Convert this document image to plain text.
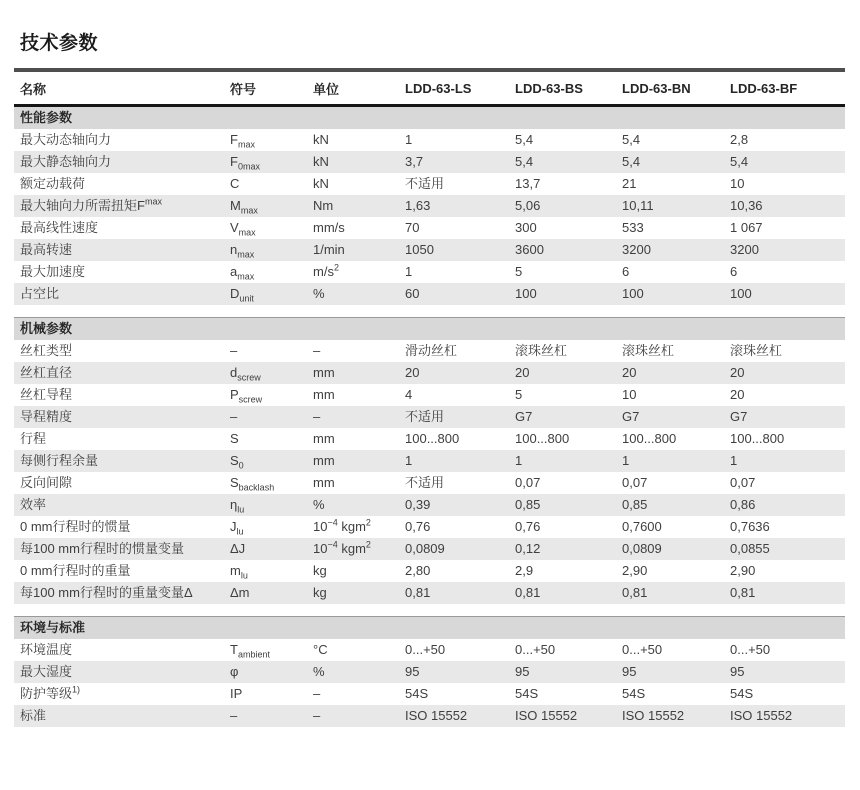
技术参数
名称	符号	单位	LDD-63-LS	LDD-63-BS	LDD-63-BN	LDD-63-BF
性能参数						
最大动态轴向力	$F_{max}$	kN	1	5,4	5,4	2,8
最大静态轴向力	$F_{0max}$	kN	3,7	5,4	5,4	5,4
额定动载荷	C	kN	不适用	13,7	21	10
最大轴向力所需扭矩$F^{max}$	$M_{max}$	Nm	1,63	5,06	10,11	10,36
最高线性速度	$V_{max}$	mm/s	70	300	533	1 067
最高转速	$n_{max}$	1/min	1050	3600	3200	3200
最大加速度	$a_{max}$	$m/s^2$	1	5	6	6
占空比	$D_{unit}$	%	60	100	100	100

机械参数						
丝杠类型	–	–	滑动丝杠	滚珠丝杠	滚珠丝杠	滚珠丝杠
丝杠直径	$d_{screw}$	mm	20	20	20	20
丝杠导程	$P_{screw}$	mm	4	5	10	20
导程精度	–	–	不适用	G7	G7	G7
行程	S	mm	100...800	100...800	100...800	100...800
每侧行程余量	$S_0$	mm	1	1	1	1
反向间隙	$S_{backlash}$	mm	不适用	0,07	0,07	0,07
效率	$\eta_{lu}$	%	0,39	0,85	0,85	0,86
0 mm行程时的惯量	$J_{lu}$	$10^{-4}$ kgm$^2$	0,76	0,76	0,7600	0,7636
每100 mm行程时的惯量变量	ΔJ	$10^{-4}$ kgm$^2$	0,0809	0,12	0,0809	0,0855
0 mm行程时的重量	$m_{lu}$	kg	2,80	2,9	2,90	2,90
每100 mm行程时的重量变量Δ	Δm	kg	0,81	0,81	0,81	0,81

环境与标准						
环境温度	$T_{ambient}$	°C	0...+50	0...+50	0...+50	0...+50
最大湿度	φ	%	95	95	95	95
防护等级$^{1)}$	IP	–	54S	54S	54S	54S
标准	–	–	ISO 15552	ISO 15552	ISO 15552	ISO 15552
